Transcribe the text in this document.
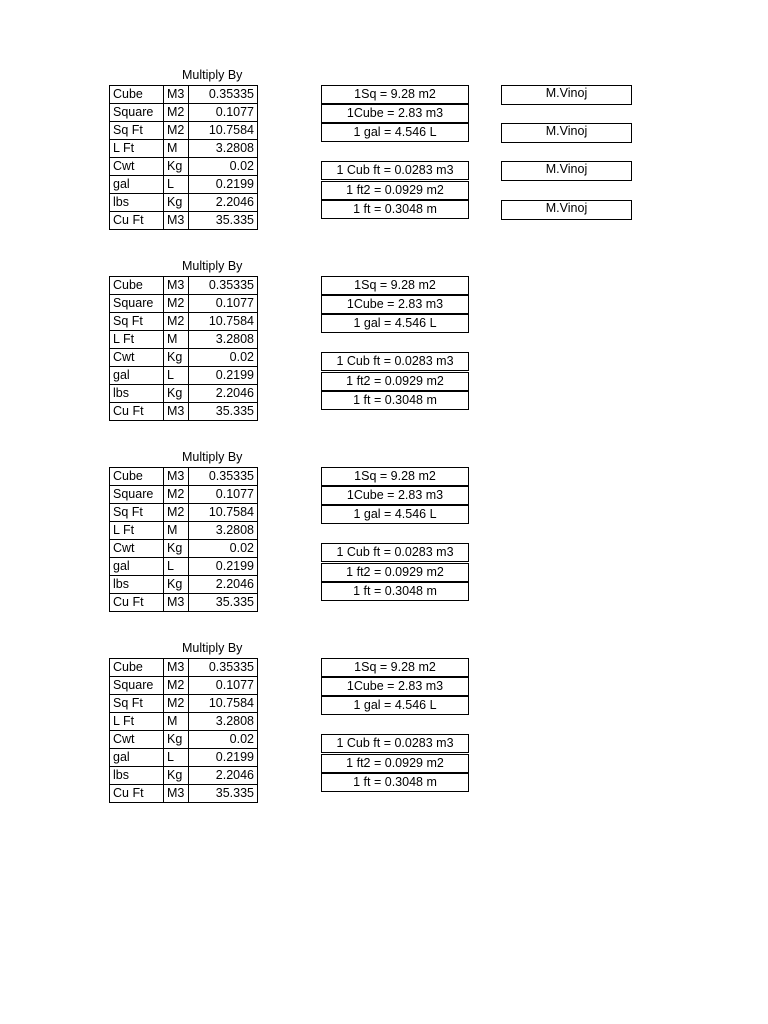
Multiply By
Cube	M3	0.35335
Square	M2	0.1077
Sq Ft	M2	10.7584
L Ft	M	3.2808
Cwt	Kg	0.02
gal	L	0.2199
lbs	Kg	2.2046
Cu Ft	M3	35.335
1Sq = 9.28 m2
1Cube = 2.83 m3
1 gal = 4.546 L
1 Cub ft = 0.0283 m3
1 ft2 = 0.0929 m2
1 ft = 0.3048 m
M.Vinoj
M.Vinoj
M.Vinoj
M.Vinoj
Multiply By
Cube	M3	0.35335
Square	M2	0.1077
Sq Ft	M2	10.7584
L Ft	M	3.2808
Cwt	Kg	0.02
gal	L	0.2199
lbs	Kg	2.2046
Cu Ft	M3	35.335
1Sq = 9.28 m2
1Cube = 2.83 m3
1 gal = 4.546 L
1 Cub ft = 0.0283 m3
1 ft2 = 0.0929 m2
1 ft = 0.3048 m
Multiply By
Cube	M3	0.35335
Square	M2	0.1077
Sq Ft	M2	10.7584
L Ft	M	3.2808
Cwt	Kg	0.02
gal	L	0.2199
lbs	Kg	2.2046
Cu Ft	M3	35.335
1Sq = 9.28 m2
1Cube = 2.83 m3
1 gal = 4.546 L
1 Cub ft = 0.0283 m3
1 ft2 = 0.0929 m2
1 ft = 0.3048 m
Multiply By
Cube	M3	0.35335
Square	M2	0.1077
Sq Ft	M2	10.7584
L Ft	M	3.2808
Cwt	Kg	0.02
gal	L	0.2199
lbs	Kg	2.2046
Cu Ft	M3	35.335
1Sq = 9.28 m2
1Cube = 2.83 m3
1 gal = 4.546 L
1 Cub ft = 0.0283 m3
1 ft2 = 0.0929 m2
1 ft = 0.3048 m
